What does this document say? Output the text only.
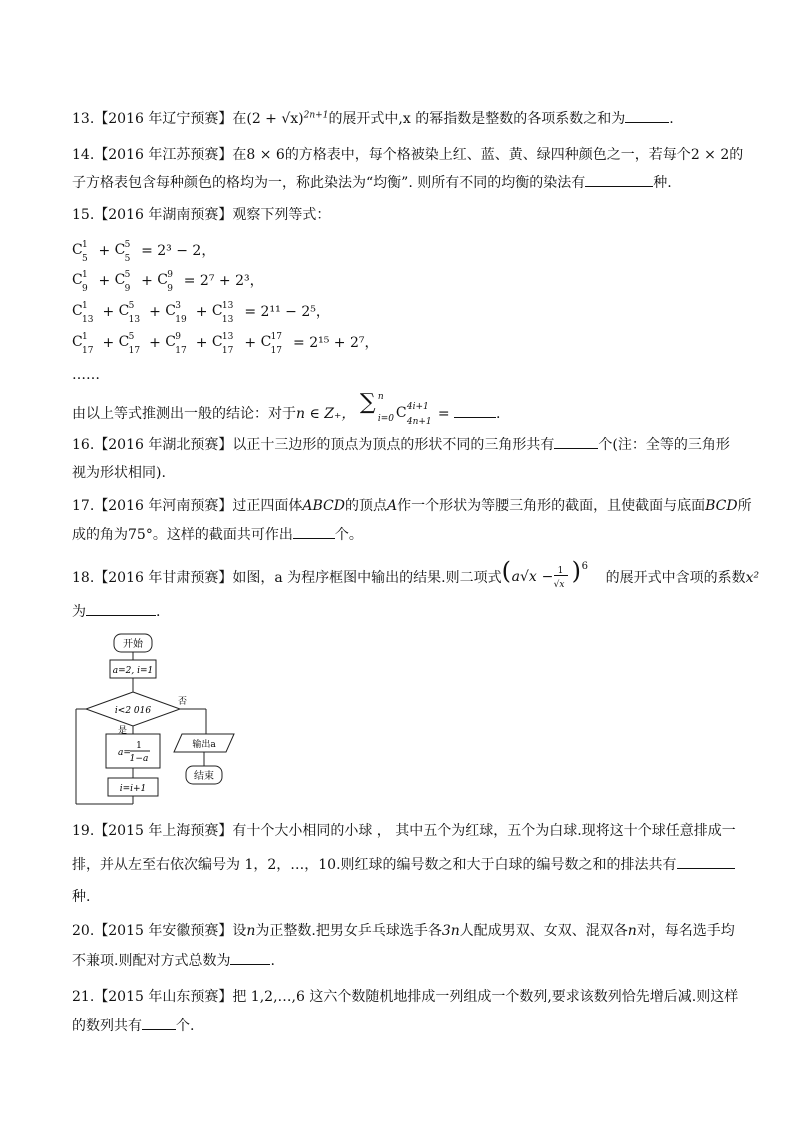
13.【2016 年辽宁预赛】在$(2 + √x)^{2n+1}$的展开式中,x 的幂指数是整数的各项系数之和为	.
14.【2016 年江苏预赛】在8 × 6的方格表中，每个格被染上红、蓝、黄、绿四种颜色之一，若每个2 × 2的
子方格表包含每种颜色的格均为一，称此染法为“均衡”. 则所有不同的均衡的染法有	种.
15.【2016 年湖南预赛】观察下列等式：
C 1
5 + C 5
5 = 2³ − 2，
C 1
9 + C 5
9 + C 9
9 = 2⁷ + 2³，
C 1
13 + C 5
13 + C 3
19 + C 13
13 = 2¹¹ − 2⁵，
C 1
17 + C 5
17 + C 9
17 + C 13
17 + C 17
17 = 2¹⁵ + 2⁷，
……
由以上等式推测出一般的结论：对于n ∈ Z₊， ∑ n
i=0 C 4i+1
4n+1 =	.
16.【2016 年湖北预赛】以正十三边形的顶点为顶点的形状不同的三角形共有	个(注：全等的三角形
视为形状相同).
17.【2016 年河南预赛】过正四面体ABCD的顶点A作一个形状为等腰三角形的截面，且使截面与底面BCD所
成的角为75°。这样的截面共可作出	个。
18.【2016 年甘肃预赛】如图，a 为程序框图中输出的结果.则二项式 ( a√x − 1
√x ) 6
的展开式中含项的系数x²
为	.
开始
a=2, i=1
i<2 016
否
输出a
结束
是
a=
1
1−a
i=i+1
19.【2015 年上海预赛】有十个大小相同的小球 ， 其中五个为红球，五个为白球.现将这十个球任意排成一
排，并从左至右依次编号为 1，2，…，10.则红球的编号数之和大于白球的编号数之和的排法共有
种.
20.【2015 年安徽预赛】设n为正整数.把男女乒乓球选手各3n人配成男双、女双、混双各n对，每名选手均
不兼项.则配对方式总数为	.
21.【2015 年山东预赛】把 1,2,…,6 这六个数随机地排成一列组成一个数列,要求该数列恰先增后减.则这样
的数列共有 个.
